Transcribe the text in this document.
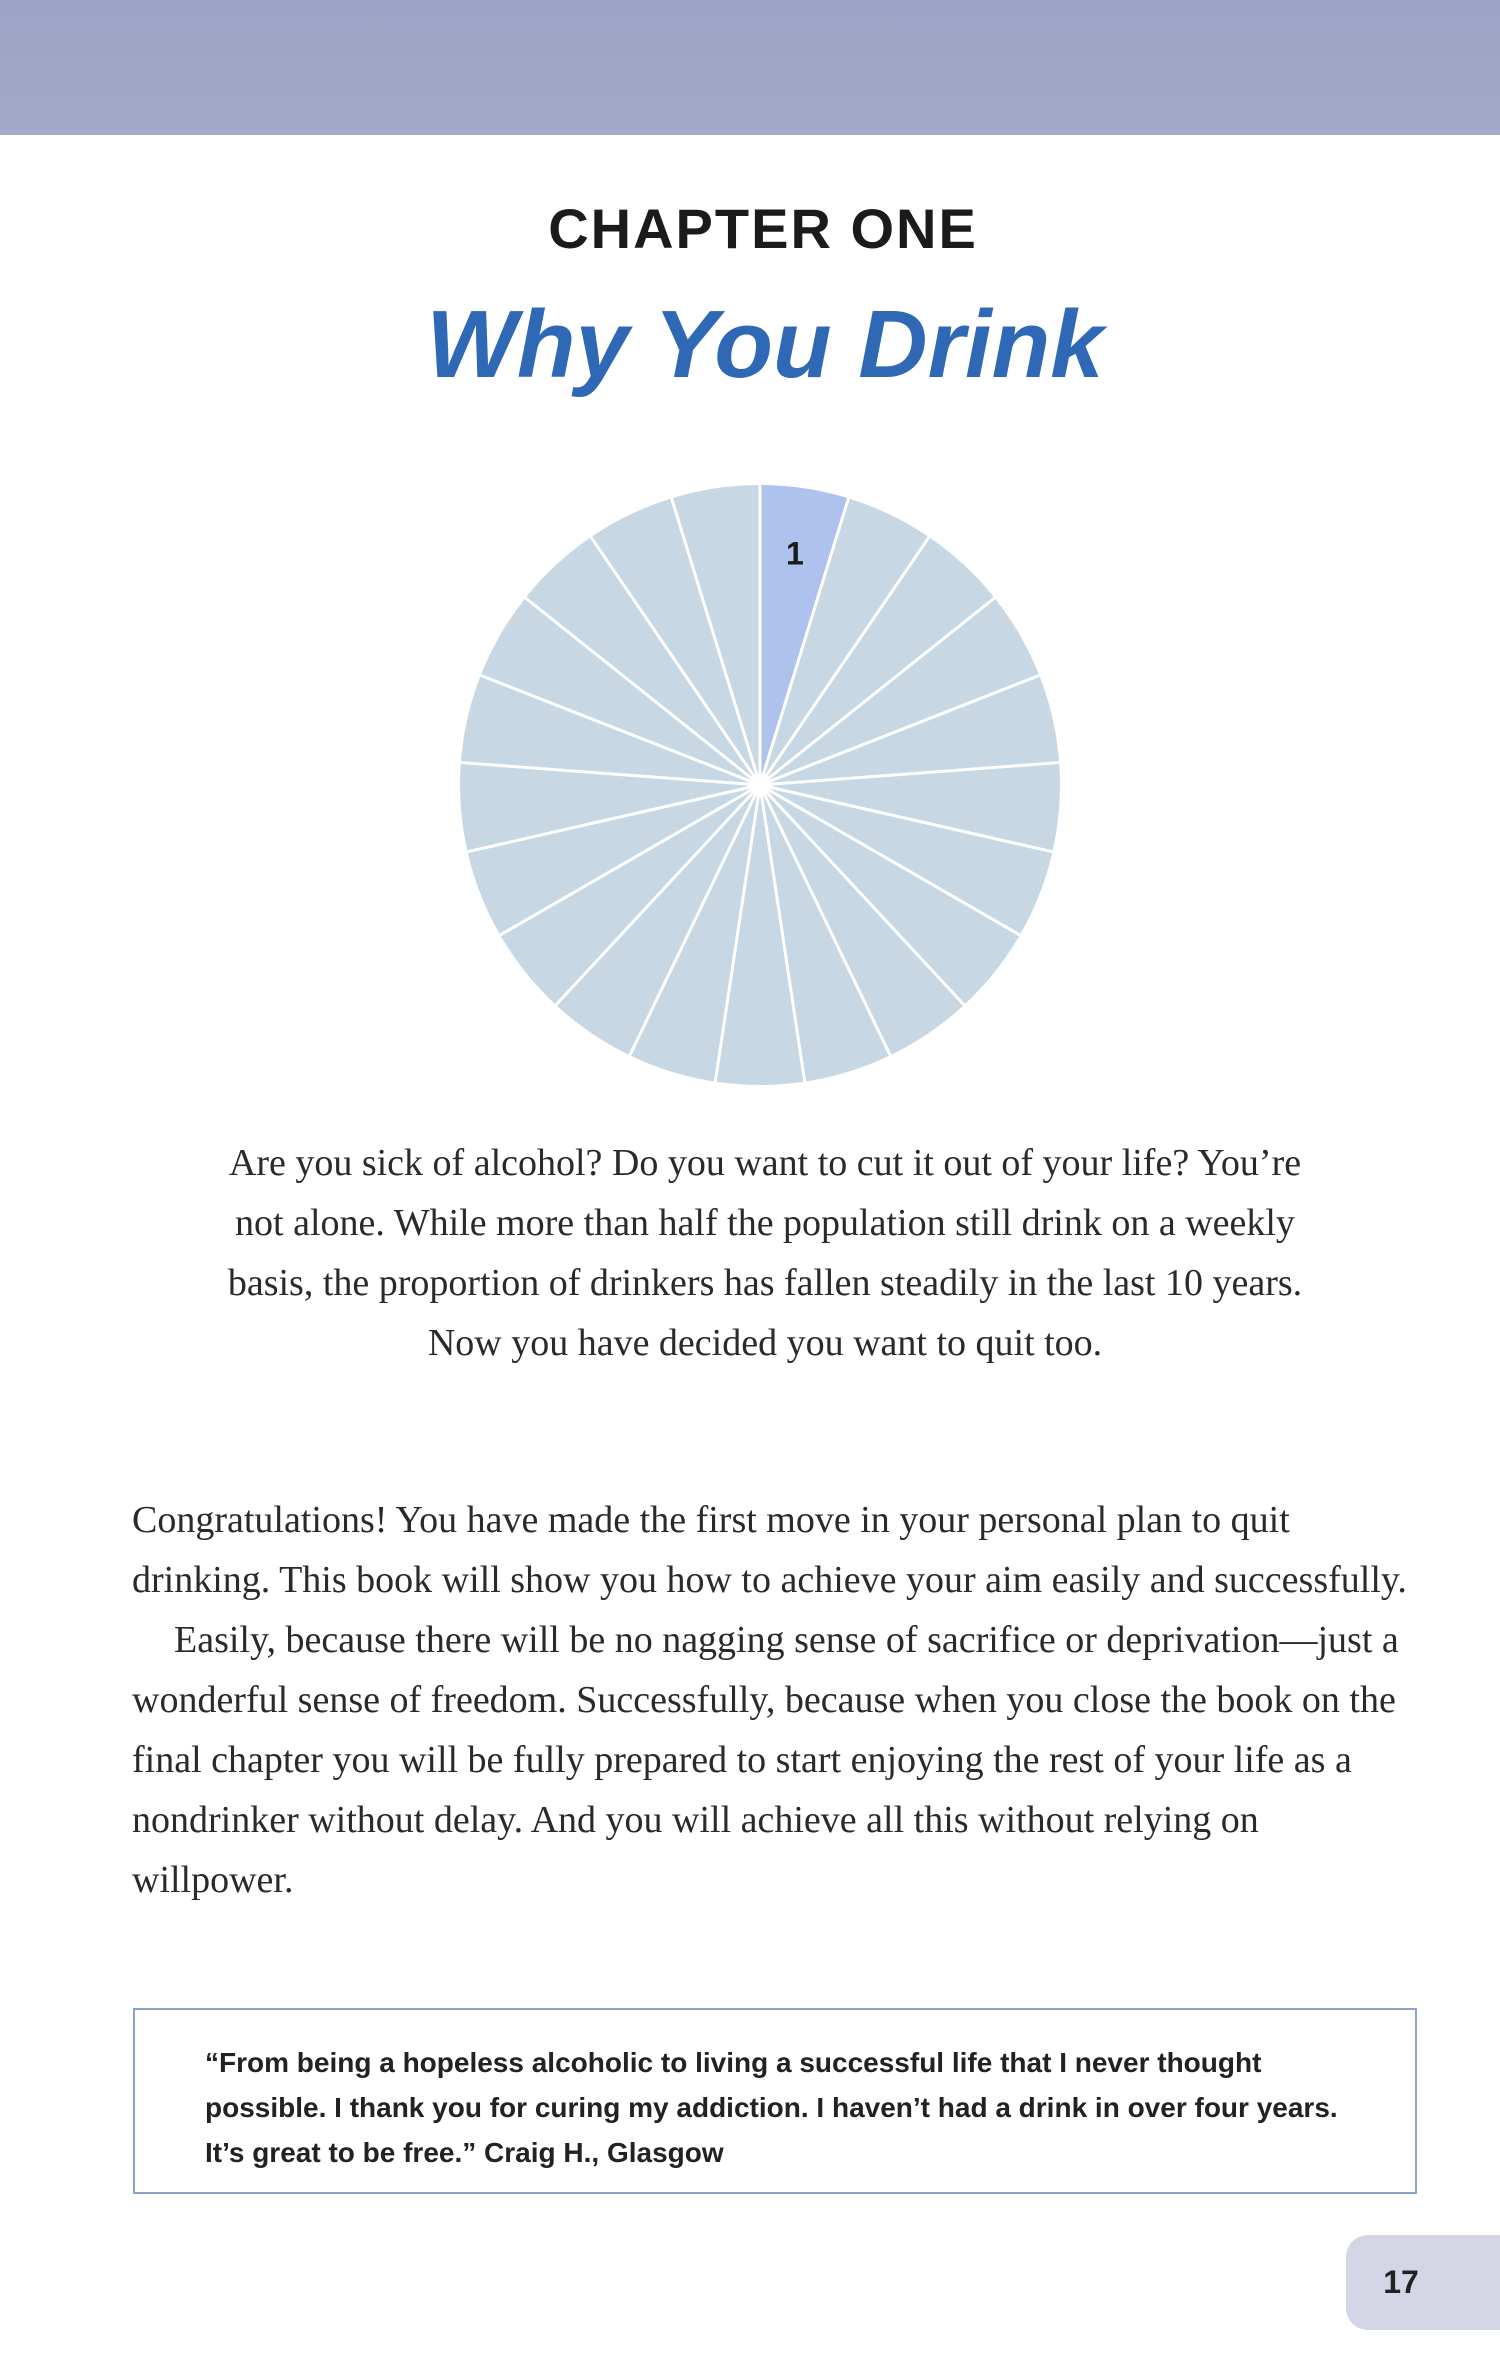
CHAPTER ONE
Why You Drink
1
Are you sick of alcohol? Do you want to cut it out of your life? You’re not alone. While more than half the population still drink on a weekly basis, the proportion of drinkers has fallen steadily in the last 10 years. Now you have decided you want to quit too.

Congratulations! You have made the first move in your personal plan to quit drinking. This book will show you how to achieve your aim easily and successfully.

Easily, because there will be no nagging sense of sacrifice or deprivation—just a wonderful sense of freedom. Successfully, because when you close the book on the final chapter you will be fully prepared to start enjoying the rest of your life as a nondrinker without delay. And you will achieve all this without relying on willpower.

“From being a hopeless alcoholic to living a successful life that I never thought possible. I thank you for curing my addiction. I haven’t had a drink in over four years. It’s great to be free.” Craig H., Glasgow
17
